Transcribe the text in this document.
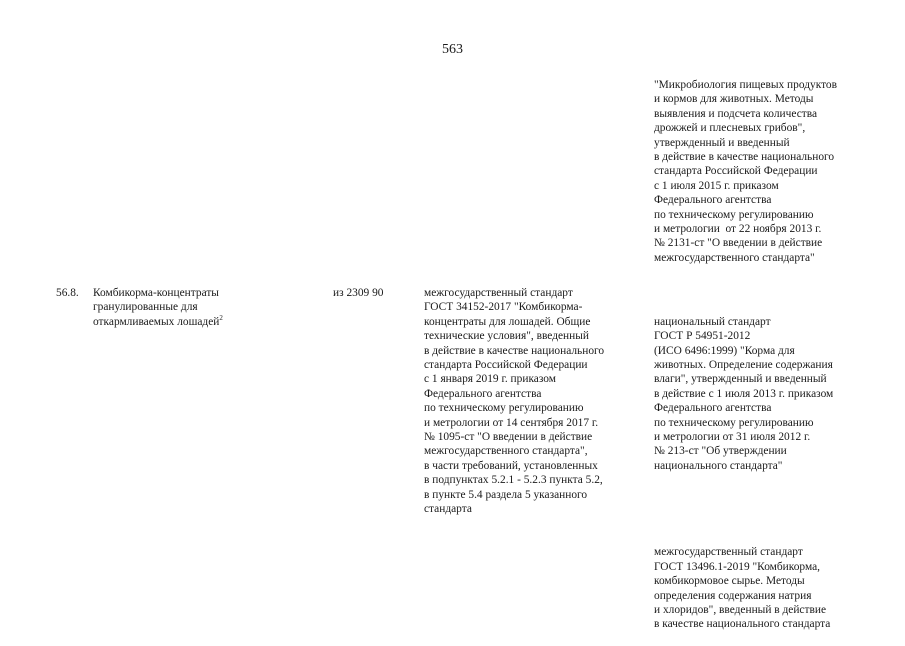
563
"Микробиология пищевых продуктов
и кормов для животных. Методы
выявления и подсчета количества
дрожжей и плесневых грибов",
утвержденный и введенный
в действие в качестве национального
стандарта Российской Федерации
с 1 июля 2015 г. приказом
Федерального агентства
по техническому регулированию
и метрологии  от 22 ноября 2013 г.
№ 2131-ст "О введении в действие
межгосударственного стандарта"
56.8. Комбикорма-концентраты
гранулированные для
откармливаемых лошадей$^2$
из 2309 90	межгосударственный стандарт
ГОСТ 34152-2017 "Комбикорма-
концентраты для лошадей. Общие
технические условия", введенный
в действие в качестве национального
стандарта Российской Федерации
с 1 января 2019 г. приказом
Федерального агентства
по техническому регулированию
и метрологии от 14 сентября 2017 г.
№ 1095-ст "О введении в действие
межгосударственного стандарта",
в части требований, установленных
в подпунктах 5.2.1 - 5.2.3 пункта 5.2,
в пункте 5.4 раздела 5 указанного
стандарта

национальный стандарт
ГОСТ Р 54951-2012
(ИСО 6496:1999) "Корма для
животных. Определение содержания
влаги", утвержденный и введенный
в действие с 1 июля 2013 г. приказом
Федерального агентства
по техническому регулированию
и метрологии от 31 июля 2012 г.
№ 213-ст "Об утверждении
национального стандарта"

межгосударственный стандарт
ГОСТ 13496.1-2019 "Комбикорма,
комбикормовое сырье. Методы
определения содержания натрия
и хлоридов", введенный в действие
в качестве национального стандарта
